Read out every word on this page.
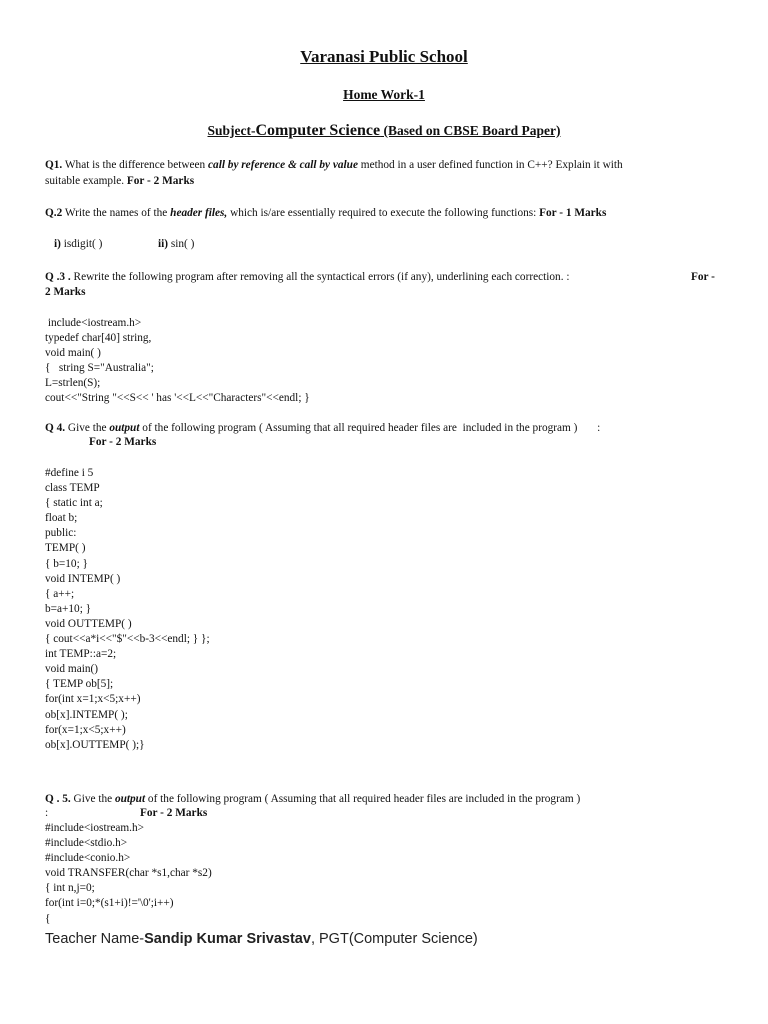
Varanasi Public School
Home Work-1
Subject-Computer Science (Based on CBSE Board Paper)
Q1. What is the difference between call by reference & call by value method in a user defined function in C++? Explain it with
suitable example. For - 2 Marks
Q.2 Write the names of the header files, which is/are essentially required to execute the following functions: For - 1 Marks
i) isdigit( )	ii) sin( )
Q .3 . Rewrite the following program after removing all the syntactical errors (if any), underlining each correction. :	For -
2 Marks
include<iostream.h>
typedef char[40] string,
void main( )
{   string S="Australia";
L=strlen(S);
cout<<"String "<<S<< ' has '<<L<<"Characters"<<endl; }
Q 4. Give the output of the following program ( Assuming that all required header files are  included in the program )       :
For - 2 Marks
#define i 5
class TEMP
{ static int a;
float b;
public:
TEMP( )
{ b=10; }
void INTEMP( )
{ a++;
b=a+10; }
void OUTTEMP( )
{ cout<<a*i<<"$"<<b-3<<endl; } };
int TEMP::a=2;
void main()
{ TEMP ob[5];
for(int x=1;x<5;x++)
ob[x].INTEMP( );
for(x=1;x<5;x++)
ob[x].OUTTEMP( );}
Q . 5. Give the output of the following program ( Assuming that all required header files are included in the program )
:	For - 2 Marks
#include<iostream.h>
#include<stdio.h>
#include<conio.h>
void TRANSFER(char *s1,char *s2)
{ int n,j=0;
for(int i=0;*(s1+i)!='\0';i++)
{
Teacher Name-Sandip Kumar Srivastav, PGT(Computer Science)
